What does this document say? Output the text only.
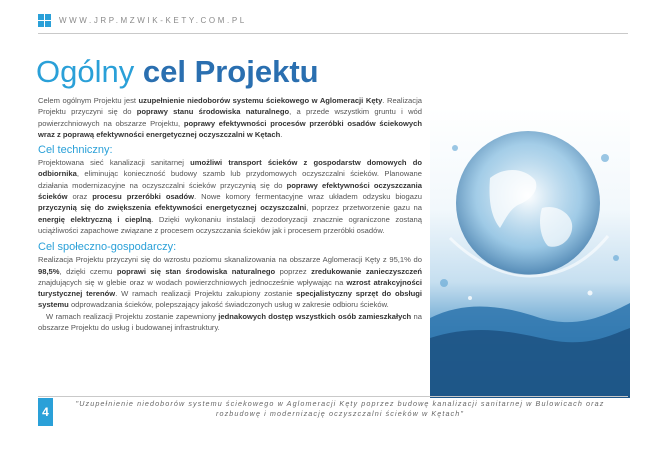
WWW.JRP.MZWIK-KETY.COM.PL
Ogólny cel Projektu

Celem ogólnym Projektu jest uzupełnienie niedoborów systemu ściekowego w Aglomeracji Kęty. Realizacja Projektu przyczyni się do poprawy stanu środowiska naturalnego, a przede wszystkim gruntu i wód powierzchniowych na obszarze Projektu, poprawy efektywności procesów przeróbki osadów ściekowych wraz z poprawą efektywności energetycznej oczyszczalni w Kętach.

Cel techniczny:

Projektowana sieć kanalizacji sanitarnej umożliwi transport ścieków z gospodarstw domowych do odbiornika, eliminując konieczność budowy szamb lub przydomowych oczyszczalni ścieków. Planowane działania modernizacyjne na oczyszczalni ścieków przyczynią się do poprawy efektywności oczyszczania ścieków oraz procesu przeróbki osadów. Nowe komory fermentacyjne wraz układem odzysku biogazu przyczynią się do zwiększenia efektywności energetycznej oczyszczalni, poprzez przetworzenie gazu na energię elektryczną i cieplną. Dzięki wykonaniu instalacji dezodoryzacji znacznie ograniczone zostaną uciążliwości zapachowe związane z procesem oczyszczania ścieków jak i procesem przeróbki osadów.

Cel społeczno-gospodarczy:

Realizacja Projektu przyczyni się do wzrostu poziomu skanalizowania na obszarze Aglomeracji Kęty z 95,1% do 98,5%, dzięki czemu poprawi się stan środowiska naturalnego poprzez zredukowanie zanieczyszczeń znajdujących się w glebie oraz w wodach powierzchniowych jednocześnie wpływając na wzrost atrakcyjności turystycznej terenów. W ramach realizacji Projektu zakupiony zostanie specjalistyczny sprzęt do obsługi systemu odprowadzania ścieków, polepszający jakość świadczonych usług w zakresie odbioru ścieków.

W ramach realizacji Projektu zostanie zapewniony jednakowych dostęp wszystkich osób zamieszkałych na obszarze Projektu do usług i budowanej infrastruktury.

4
"Uzupełnienie niedoborów systemu ściekowego w Aglomeracji Kęty poprzez budowę kanalizacji sanitarnej w Bulowicach oraz rozbudowę i modernizację oczyszczalni ścieków w Kętach"
